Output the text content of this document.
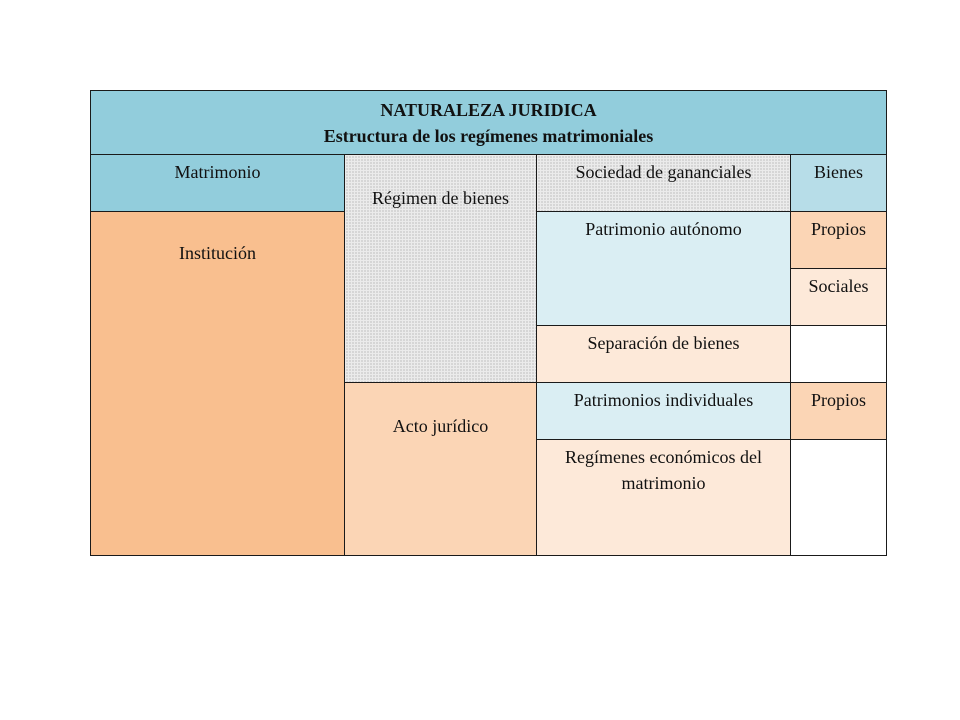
NATURALEZA JURIDICA
Estructura de los regímenes matrimoniales			

Matrimonio	Régimen de bienes	Sociedad de gananciales	Bienes
Institución		Patrimonio autónomo	Propios
			Sociales
		Separación de bienes	
	Acto jurídico	Patrimonios individuales	Propios

		Regímenes económicos del matrimonio	
